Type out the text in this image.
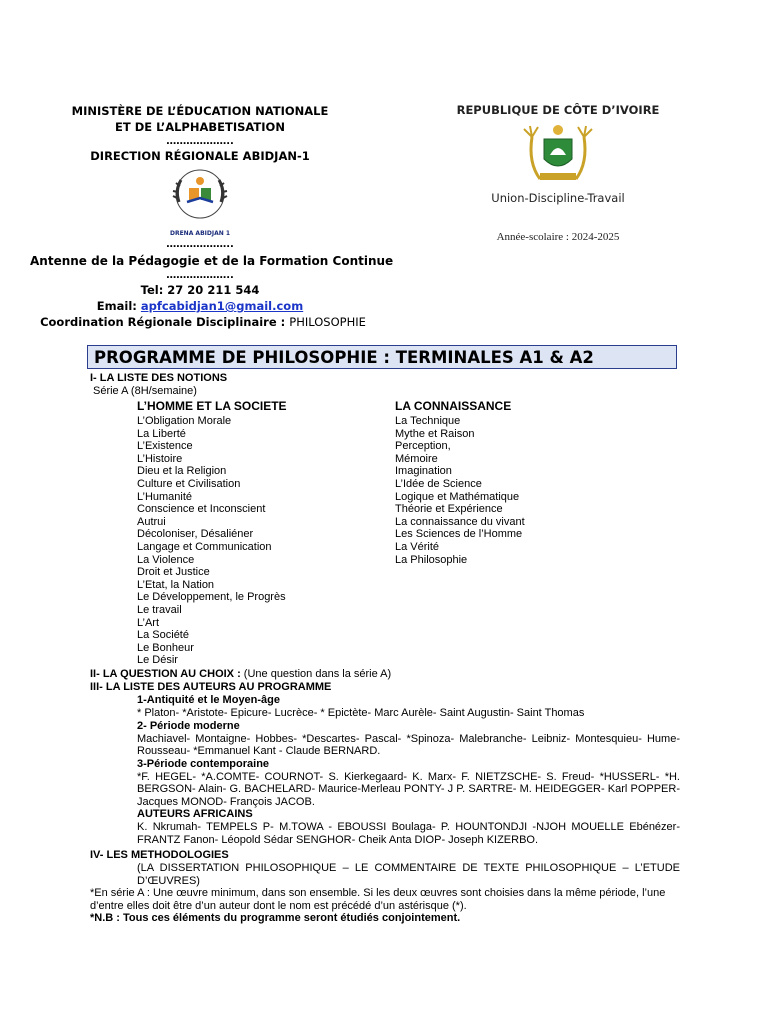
MINISTÈRE DE L’ÉDUCATION NATIONALE
ET DE L’ALPHABETISATION
………………..
DIRECTION RÉGIONALE ABIDJAN-1
DRENA ABIDJAN 1
………………..
Antenne de la Pédagogie et de la Formation Continue
………………..
Tel: 27 20 211 544
Email: apfcabidjan1@gmail.com
Coordination Régionale Disciplinaire : PHILOSOPHIE
REPUBLIQUE DE CÔTE D’IVOIRE
Union-Discipline-Travail
Année-scolaire : 2024-2025
PROGRAMME DE PHILOSOPHIE : TERMINALES A1 & A2
I- LA LISTE DES NOTIONS
Série A (8H/semaine)
L’HOMME ET LA SOCIETE
L’Obligation Morale
La Liberté
L’Existence
L’Histoire
Dieu et la Religion
Culture et Civilisation
L’Humanité
Conscience et Inconscient
Autrui
Décoloniser, Désaliéner
Langage et Communication
La Violence
Droit et Justice
L’Etat, la Nation
Le Développement, le Progrès
Le travail
L’Art
La Société
Le Bonheur
Le Désir
LA CONNAISSANCE
La Technique
Mythe et Raison
Perception,
Mémoire
Imagination
L’Idée de Science
Logique et Mathématique
Théorie et Expérience
La connaissance du vivant
Les Sciences de l’Homme
La Vérité
La Philosophie
II- LA QUESTION AU CHOIX : (Une question dans la série A)
III- LA LISTE DES AUTEURS AU PROGRAMME
1-Antiquité et le Moyen-âge
* Platon- *Aristote- Epicure- Lucrèce- * Epictète- Marc Aurèle- Saint Augustin- Saint Thomas
2- Période moderne
Machiavel- Montaigne- Hobbes- *Descartes- Pascal- *Spinoza- Malebranche- Leibniz- Montesquieu- Hume- Rousseau- *Emmanuel Kant - Claude BERNARD.
3-Période contemporaine
*F. HEGEL- *A.COMTE- COURNOT- S. Kierkegaard- K. Marx- F. NIETZSCHE- S. Freud- *HUSSERL- *H. BERGSON- Alain- G. BACHELARD- Maurice-Merleau PONTY- J P. SARTRE- M. HEIDEGGER- Karl POPPER- Jacques MONOD- François JACOB.
AUTEURS AFRICAINS
K. Nkrumah- TEMPELS P- M.TOWA - EBOUSSI Boulaga- P. HOUNTONDJI -NJOH MOUELLE Ebénézer- FRANTZ Fanon- Léopold Sédar SENGHOR- Cheik Anta DIOP- Joseph KIZERBO.
IV- LES METHODOLOGIES
(LA DISSERTATION PHILOSOPHIQUE – LE COMMENTAIRE DE TEXTE PHILOSOPHIQUE – L’ETUDE D’ŒUVRES)
*En série A : Une œuvre minimum, dans son ensemble. Si les deux œuvres sont choisies dans la même période, l’une d’entre elles doit être d’un auteur dont le nom est précédé d’un astérisque (*).
*N.B : Tous ces éléments du programme seront étudiés conjointement.
